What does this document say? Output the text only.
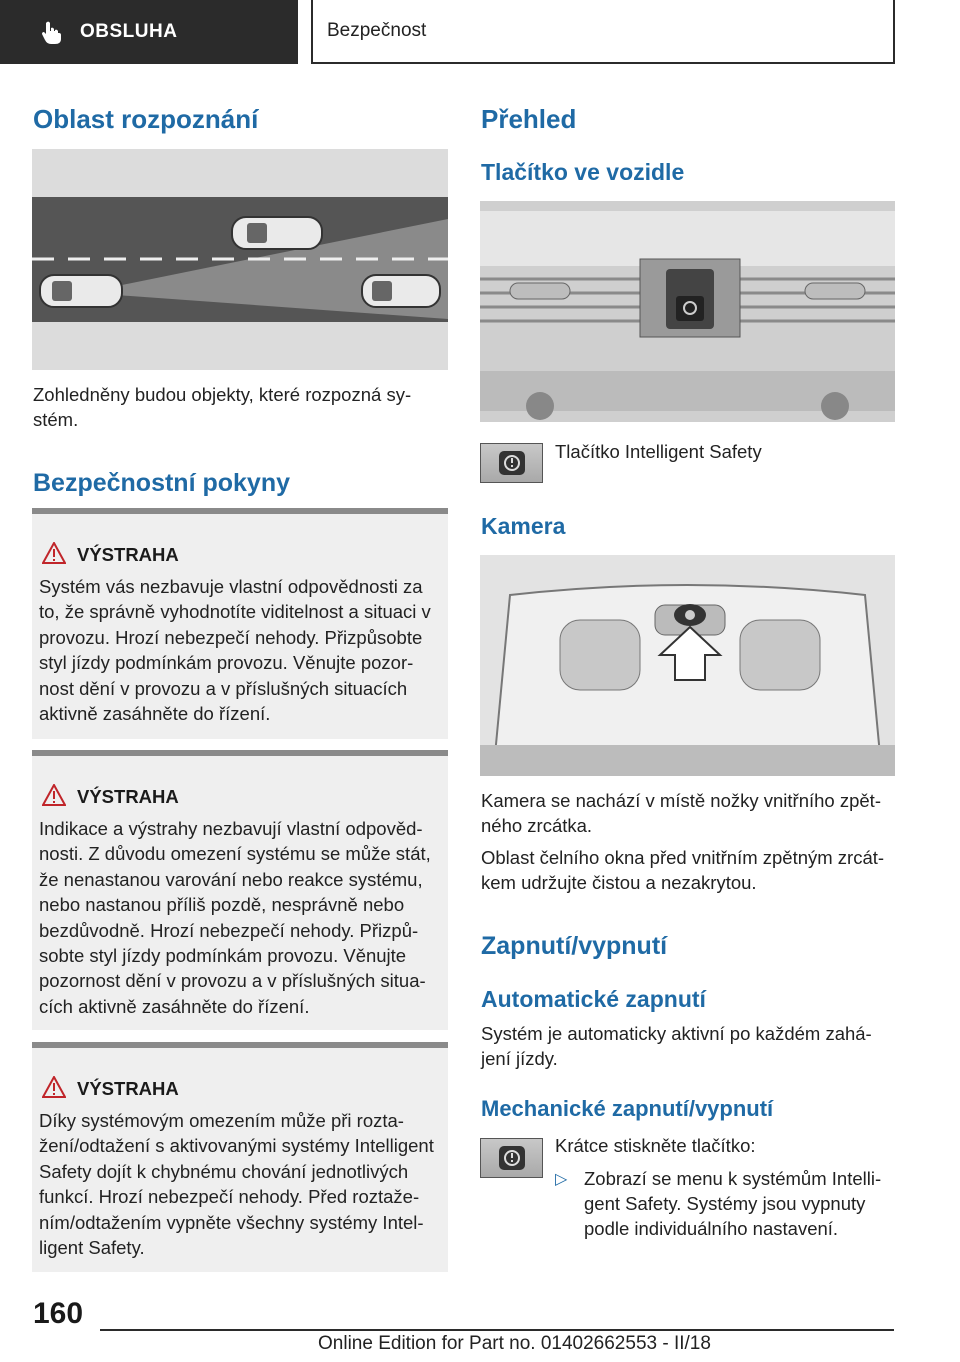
OBSLUHA	Bezpečnost
Oblast rozpoznání
Zohledněny budou objekty, které rozpozná sy-
stém.
Bezpečnostní pokyny
VÝSTRAHA
Systém vás nezbavuje vlastní odpovědnosti za to, že správně vyhodnotíte viditelnost a situaci v provozu. Hrozí nebezpečí nehody. Přizpůsobte styl jízdy podmínkám provozu. Věnujte pozor-nost dění v provozu a v příslušných situacích aktivně zasáhněte do řízení.
VÝSTRAHA
Indikace a výstrahy nezbavují vlastní odpověd-nosti. Z důvodu omezení systému se může stát, že nenastanou varování nebo reakce systému, nebo nastanou příliš pozdě, nesprávně nebo bezdůvodně. Hrozí nebezpečí nehody. Přizpů-sobte styl jízdy podmínkám provozu. Věnujte pozornost dění v provozu a v příslušných situa-cích aktivně zasáhněte do řízení.
VÝSTRAHA
Díky systémovým omezením může při rozta-žení/odtažení s aktivovanými systémy Intelligent Safety dojít k chybnému chování jednotlivých funkcí. Hrozí nebezpečí nehody. Před roztaže-ním/odtažením vypněte všechny systémy Intel-ligent Safety.
Přehled
Tlačítko ve vozidle
Tlačítko Intelligent Safety
Kamera
Kamera se nachází v místě nožky vnitřního zpět-
ného zrcátka.
Oblast čelního okna před vnitřním zpětným zrcát-
kem udržujte čistou a nezakrytou.
Zapnutí/vypnutí
Automatické zapnutí
Systém je automaticky aktivní po každém zahá-
jení jízdy.
Mechanické zapnutí/vypnutí
Krátce stiskněte tlačítko:
▷ Zobrazí se menu k systémům Intelli-
gent Safety. Systémy jsou vypnuty
podle individuálního nastavení.
160
Online Edition for Part no. 01402662553 - II/18
